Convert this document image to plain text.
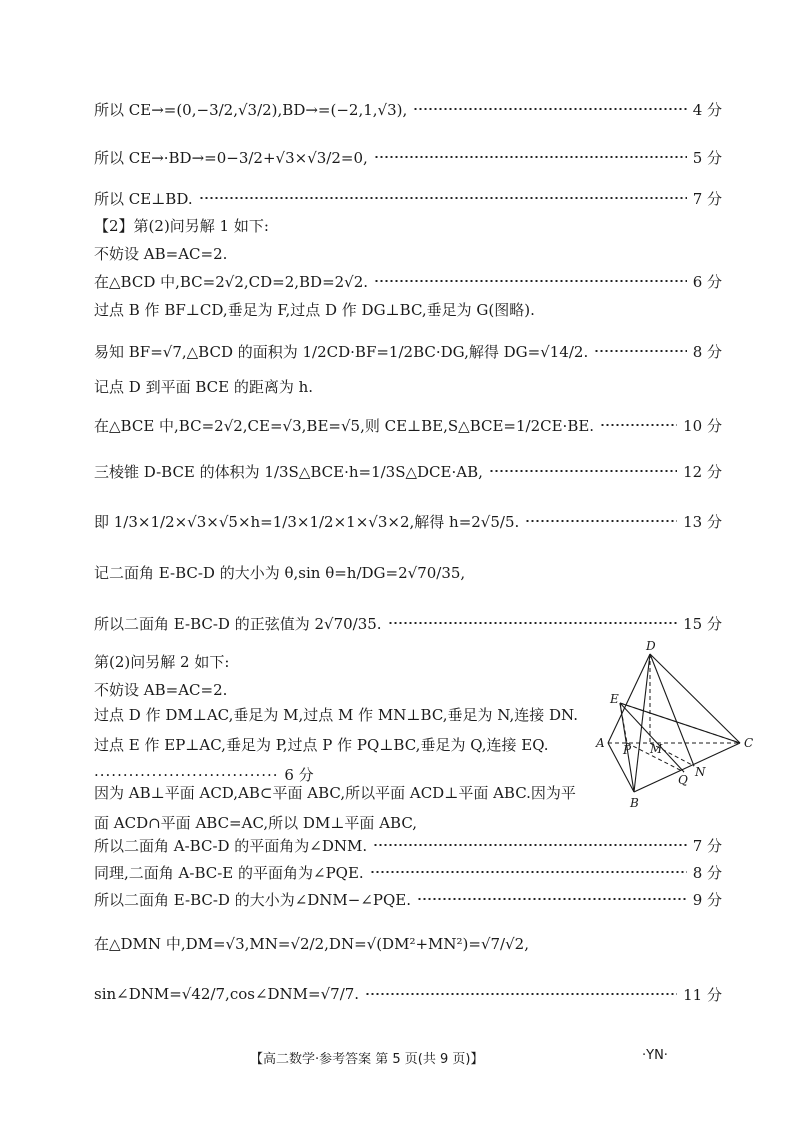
所以 CE→=(0,−3/2,√3/2),BD→=(−2,1,√3),	4 分
所以 CE→·BD→=0−3/2+√3×√3/2=0,	5 分
所以 CE⊥BD.	7 分
【2】第(2)问另解 1 如下:
不妨设 AB=AC=2.
在△BCD 中,BC=2√2,CD=2,BD=2√2.	6 分
过点 B 作 BF⊥CD,垂足为 F,过点 D 作 DG⊥BC,垂足为 G(图略).
易知 BF=√7,△BCD 的面积为 1/2CD·BF=1/2BC·DG,解得 DG=√14/2.	8 分
记点 D 到平面 BCE 的距离为 h.
在△BCE 中,BC=2√2,CE=√3,BE=√5,则 CE⊥BE,S△BCE=1/2CE·BE.	10 分
三棱锥 D-BCE 的体积为 1/3S△BCE·h=1/3S△DCE·AB,	12 分
即 1/3×1/2×√3×√5×h=1/3×1/2×1×√3×2,解得 h=2√5/5.	13 分
记二面角 E-BC-D 的大小为 θ,sin θ=h/DG=2√70/35,
所以二面角 E-BC-D 的正弦值为 2√70/35.	15 分
第(2)问另解 2 如下:
不妨设 AB=AC=2.
过点 D 作 DM⊥AC,垂足为 M,过点 M 作 MN⊥BC,垂足为 N,连接 DN.过点 E 作 EP⊥AC,垂足为 P,过点 P 作 PQ⊥BC,垂足为 Q,连接 EQ. ································ 6 分
因为 AB⊥平面 ACD,AB⊂平面 ABC,所以平面 ACD⊥平面 ABC.因为平面 ACD∩平面 ABC=AC,所以 DM⊥平面 ABC,
所以二面角 A-BC-D 的平面角为∠DNM.	7 分
同理,二面角 A-BC-E 的平面角为∠PQE.	8 分
所以二面角 E-BC-D 的大小为∠DNM−∠PQE.	9 分
在△DMN 中,DM=√3,MN=√2/2,DN=√(DM²+MN²)=√7/√2,
sin∠DNM=√42/7,cos∠DNM=√7/7.	11 分
D
E
A P M	C
Q
N
B
【高二数学·参考答案 第 5 页(共 9 页)】	·YN·
